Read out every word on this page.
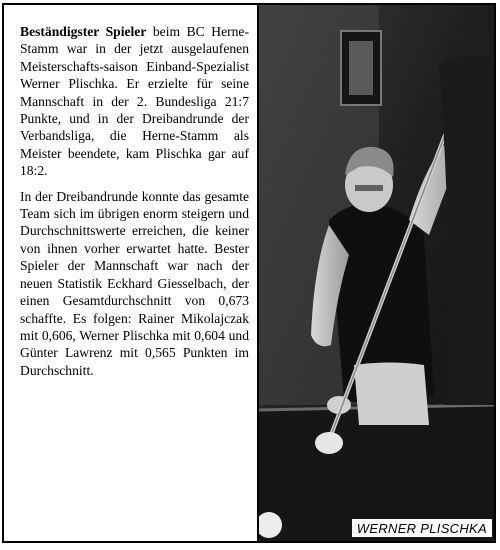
Beständigster Spieler beim BC Herne-Stamm war in der jetzt ausgelaufenen Meisterschafts-saison Einband-Spezialist Werner Plischka. Er erzielte für seine Mannschaft in der 2. Bundesliga 21:7 Punkte, und in der Dreibandrunde der Verbandsliga, die Herne-Stamm als Meister beendete, kam Plischka gar auf 18:2.

In der Dreibandrunde konnte das gesamte Team sich im übrigen enorm steigern und Durchschnittswerte erreichen, die keiner von ihnen vorher erwartet hatte. Bester Spieler der Mannschaft war nach der neuen Statistik Eckhard Giesselbach, der einen Gesamtdurchschnitt von 0,673 schaffte. Es folgen: Rainer Mikolajczak mit 0,606, Werner Plischka mit 0,604 und Günter Lawrenz mit 0,565 Punkten im Durchschnitt.

WERNER PLISCHKA
